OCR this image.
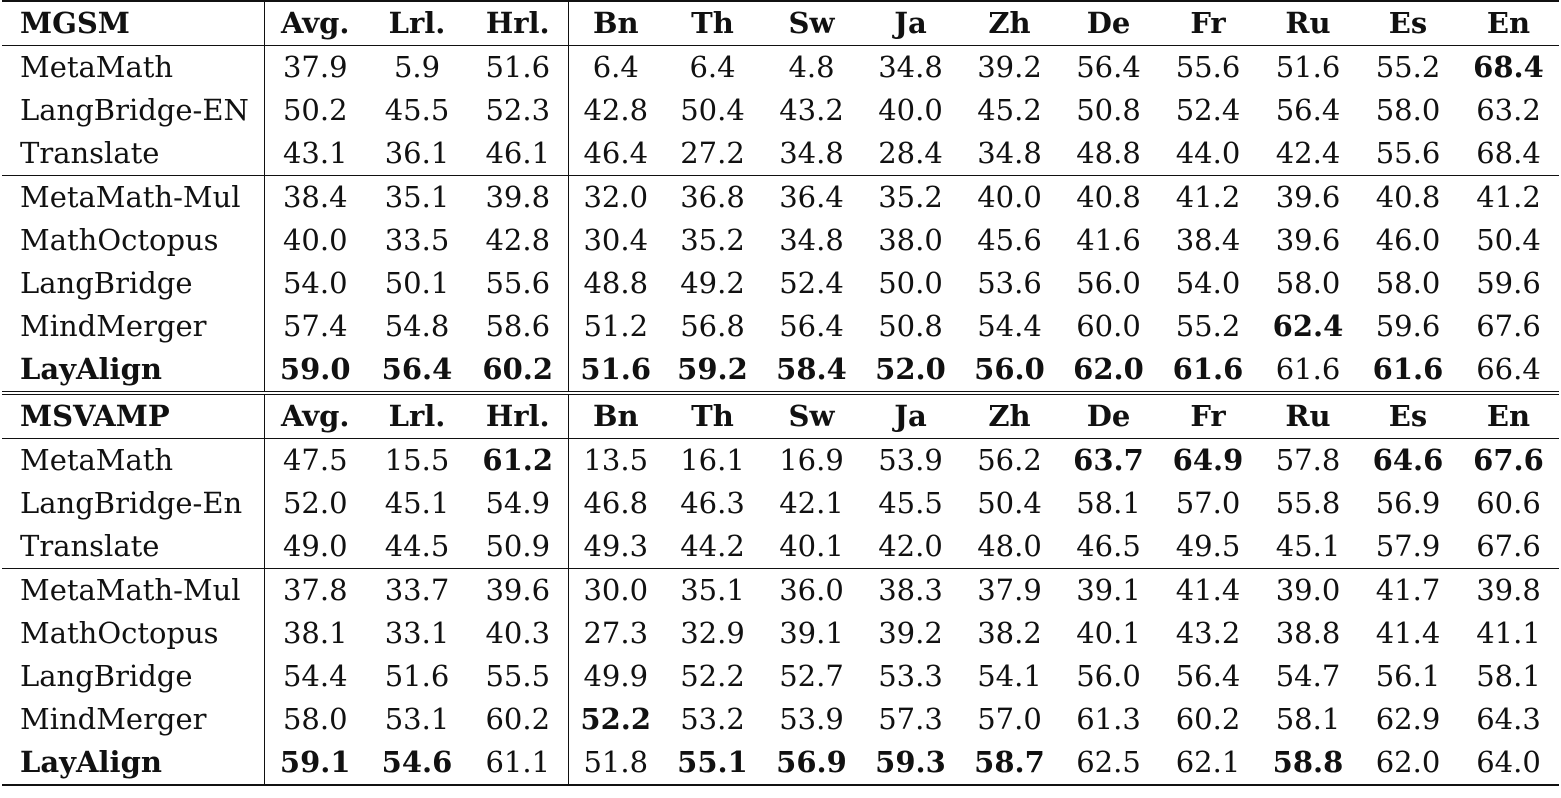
MGSM	Avg.	Lrl.	Hrl.	Bn	Th	Sw	Ja	Zh	De	Fr	Ru	Es	En
MetaMath	37.9	5.9	51.6	6.4	6.4	4.8	34.8	39.2	56.4	55.6	51.6	55.2	68.4
LangBridge-EN	50.2	45.5	52.3	42.8	50.4	43.2	40.0	45.2	50.8	52.4	56.4	58.0	63.2
Translate	43.1	36.1	46.1	46.4	27.2	34.8	28.4	34.8	48.8	44.0	42.4	55.6	68.4
MetaMath-Mul	38.4	35.1	39.8	32.0	36.8	36.4	35.2	40.0	40.8	41.2	39.6	40.8	41.2
MathOctopus	40.0	33.5	42.8	30.4	35.2	34.8	38.0	45.6	41.6	38.4	39.6	46.0	50.4
LangBridge	54.0	50.1	55.6	48.8	49.2	52.4	50.0	53.6	56.0	54.0	58.0	58.0	59.6
MindMerger	57.4	54.8	58.6	51.2	56.8	56.4	50.8	54.4	60.0	55.2	62.4	59.6	67.6
LayAlign	59.0	56.4	60.2	51.6	59.2	58.4	52.0	56.0	62.0	61.6	61.6	61.6	66.4
MSVAMP	Avg.	Lrl.	Hrl.	Bn	Th	Sw	Ja	Zh	De	Fr	Ru	Es	En
MetaMath	47.5	15.5	61.2	13.5	16.1	16.9	53.9	56.2	63.7	64.9	57.8	64.6	67.6
LangBridge-En	52.0	45.1	54.9	46.8	46.3	42.1	45.5	50.4	58.1	57.0	55.8	56.9	60.6
Translate	49.0	44.5	50.9	49.3	44.2	40.1	42.0	48.0	46.5	49.5	45.1	57.9	67.6
MetaMath-Mul	37.8	33.7	39.6	30.0	35.1	36.0	38.3	37.9	39.1	41.4	39.0	41.7	39.8
MathOctopus	38.1	33.1	40.3	27.3	32.9	39.1	39.2	38.2	40.1	43.2	38.8	41.4	41.1
LangBridge	54.4	51.6	55.5	49.9	52.2	52.7	53.3	54.1	56.0	56.4	54.7	56.1	58.1
MindMerger	58.0	53.1	60.2	52.2	53.2	53.9	57.3	57.0	61.3	60.2	58.1	62.9	64.3
LayAlign	59.1	54.6	61.1	51.8	55.1	56.9	59.3	58.7	62.5	62.1	58.8	62.0	64.0
